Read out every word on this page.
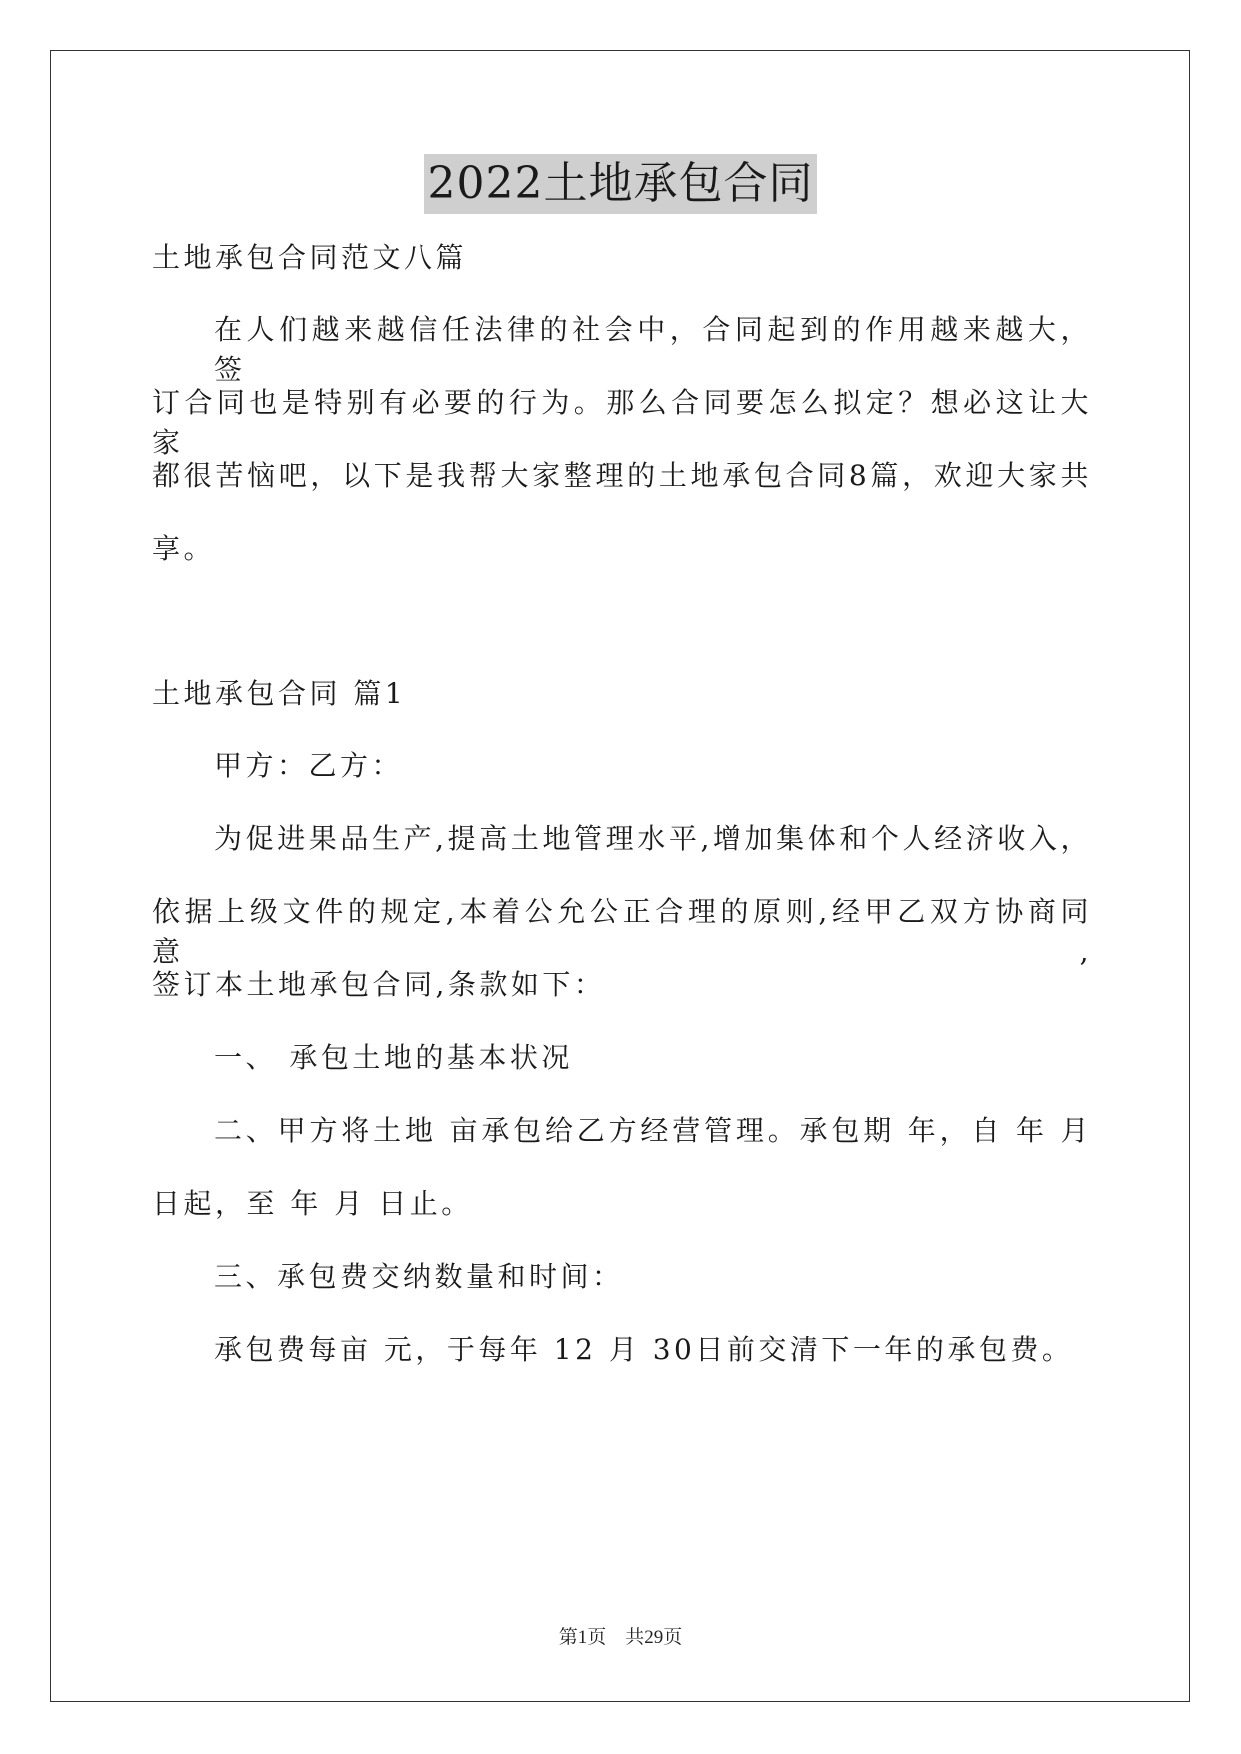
2022土地承包合同

土地承包合同范文八篇

在人们越来越信任法律的社会中，合同起到的作用越来越大，签

订合同也是特别有必要的行为。那么合同要怎么拟定？想必这让大家

都很苦恼吧，以下是我帮大家整理的土地承包合同8篇，欢迎大家共

享。

土地承包合同 篇1

甲方：乙方：

为促进果品生产,提高土地管理水平,增加集体和个人经济收入，

依据上级文件的规定,本着公允公正合理的原则,经甲乙双方协商同意,

签订本土地承包合同,条款如下：

一、 承包土地的基本状况

二、甲方将土地 亩承包给乙方经营管理。承包期 年，自 年 月

日起，至 年 月 日止。

三、承包费交纳数量和时间：

承包费每亩 元，于每年 12 月 30日前交清下一年的承包费。

第1页　共29页
